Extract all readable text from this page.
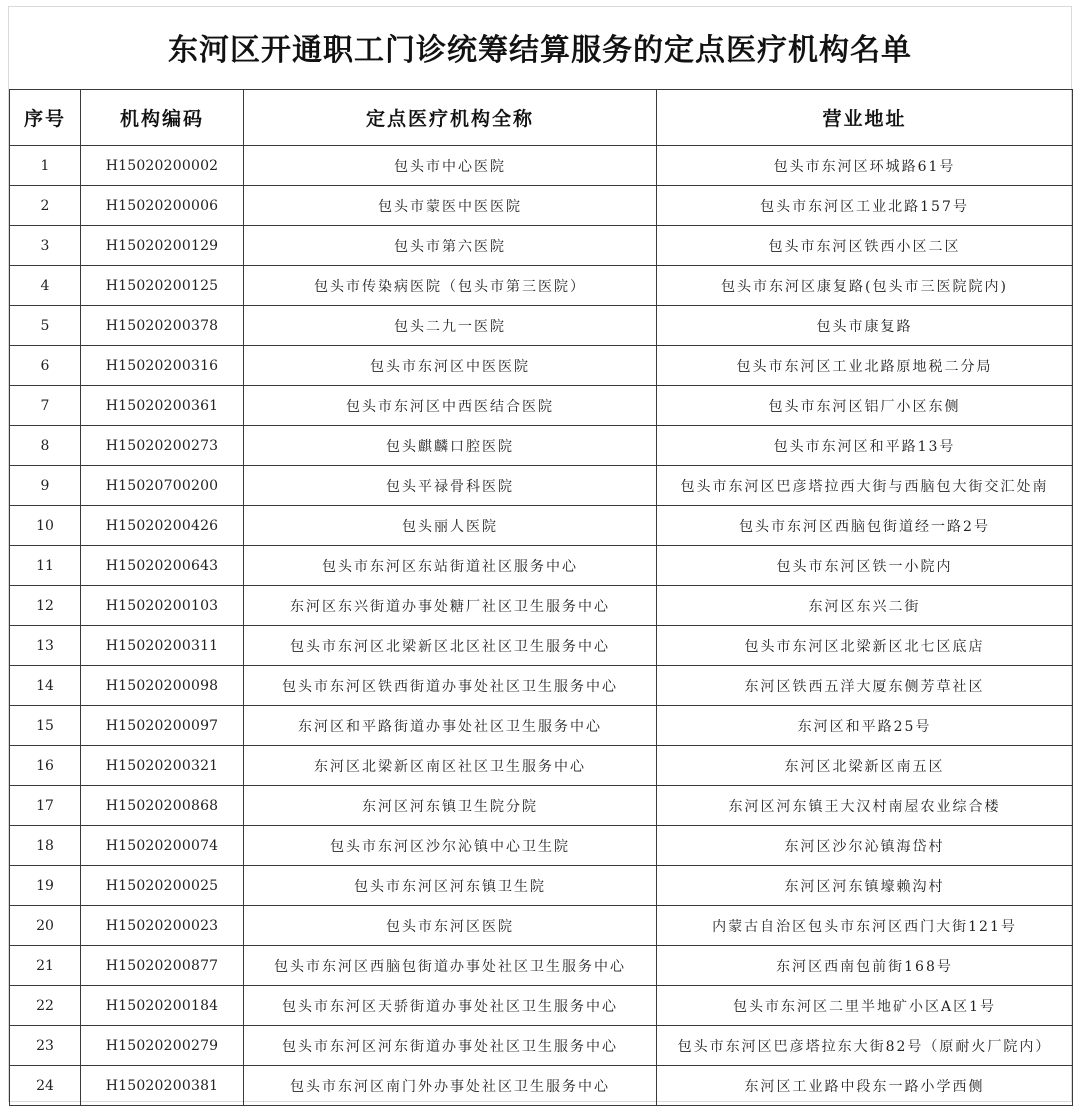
东河区开通职工门诊统筹结算服务的定点医疗机构名单
序号	机构编码	定点医疗机构全称	营业地址
1	H15020200002	包头市中心医院	包头市东河区环城路61号
2	H15020200006	包头市蒙医中医医院	包头市东河区工业北路157号
3	H15020200129	包头市第六医院	包头市东河区铁西小区二区
4	H15020200125	包头市传染病医院（包头市第三医院）	包头市东河区康复路(包头市三医院院内)
5	H15020200378	包头二九一医院	包头市康复路
6	H15020200316	包头市东河区中医医院	包头市东河区工业北路原地税二分局
7	H15020200361	包头市东河区中西医结合医院	包头市东河区铝厂小区东侧
8	H15020200273	包头麒麟口腔医院	包头市东河区和平路13号
9	H15020700200	包头平禄骨科医院	包头市东河区巴彦塔拉西大街与西脑包大街交汇处南
10	H15020200426	包头丽人医院	包头市东河区西脑包街道经一路2号
11	H15020200643	包头市东河区东站街道社区服务中心	包头市东河区铁一小院内
12	H15020200103	东河区东兴街道办事处糖厂社区卫生服务中心	东河区东兴二街
13	H15020200311	包头市东河区北梁新区北区社区卫生服务中心	包头市东河区北梁新区北七区底店
14	H15020200098	包头市东河区铁西街道办事处社区卫生服务中心	东河区铁西五洋大厦东侧芳草社区
15	H15020200097	东河区和平路街道办事处社区卫生服务中心	东河区和平路25号
16	H15020200321	东河区北梁新区南区社区卫生服务中心	东河区北梁新区南五区
17	H15020200868	东河区河东镇卫生院分院	东河区河东镇王大汉村南屋农业综合楼
18	H15020200074	包头市东河区沙尔沁镇中心卫生院	东河区沙尔沁镇海岱村
19	H15020200025	包头市东河区河东镇卫生院	东河区河东镇壕赖沟村
20	H15020200023	包头市东河区医院	内蒙古自治区包头市东河区西门大街121号
21	H15020200877	包头市东河区西脑包街道办事处社区卫生服务中心	东河区西南包前街168号
22	H15020200184	包头市东河区天骄街道办事处社区卫生服务中心	包头市东河区二里半地矿小区A区1号
23	H15020200279	包头市东河区河东街道办事处社区卫生服务中心	包头市东河区巴彦塔拉东大街82号（原耐火厂院内）
24	H15020200381	包头市东河区南门外办事处社区卫生服务中心	东河区工业路中段东一路小学西侧
